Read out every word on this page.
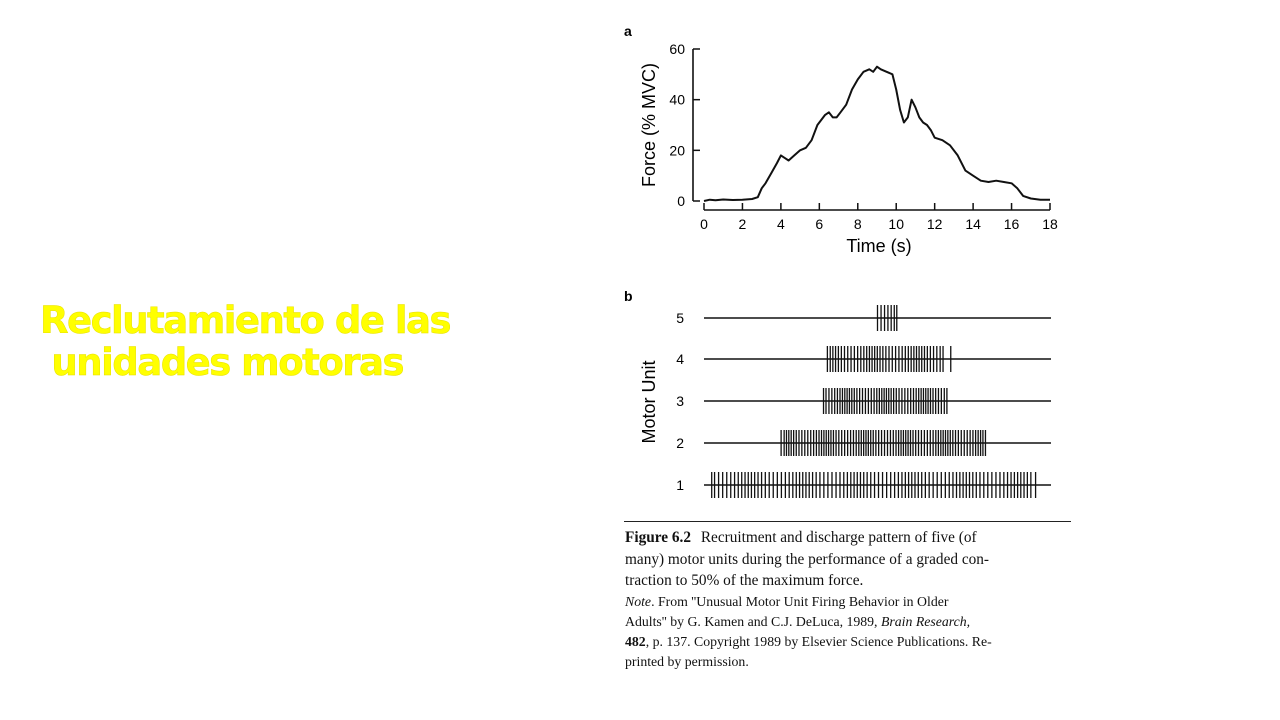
Reclutamiento de las
unidades motoras
a
Force (% MVC)
Time (s)
0
20
40
60
0 2 4 6 8 10 12 14 16 18
b
Motor Unit
5
4
3
2
1
Figure 6.2 Recruitment and discharge pattern of five (of
many) motor units during the performance of a graded con-
traction to 50% of the maximum force.
Note. From ''Unusual Motor Unit Firing Behavior in Older
Adults'' by G. Kamen and C.J. DeLuca, 1989, Brain Research,
482, p. 137. Copyright 1989 by Elsevier Science Publications. Re-
printed by permission.
